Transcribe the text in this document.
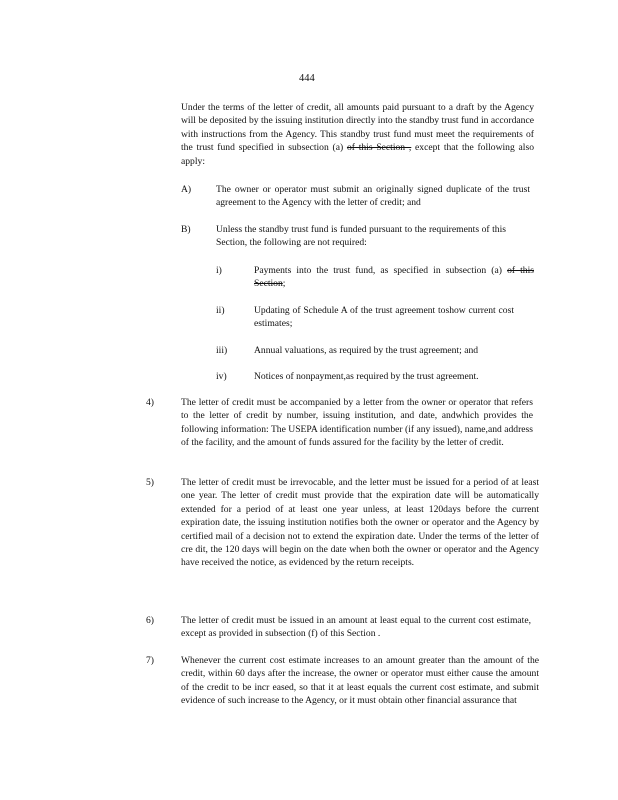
444
Under the terms of the letter of credit, all amounts paid pursuant to a draft by the Agency will be deposited by the issuing institution directly into the standby trust fund in accordance with instructions from the Agency. This standby trust fund must meet the requirements of the trust fund specified in subsection (a) of this Section , except that the following also apply:
A)	The owner or operator must submit an originally signed duplicate of the trust agreement to the Agency with the letter of credit; and
B)	Unless the standby trust fund is funded pursuant to the requirements of this Section, the following are not required:
i)	Payments into the trust fund, as specified in subsection (a) of this Section;
ii)	Updating of Schedule A of the trust agreement toshow current cost estimates;
iii)	Annual valuations, as required by the trust agreement; and
iv)	Notices of nonpayment,as required by the trust agreement.
4)	The letter of credit must be accompanied by a letter from the owner or operator that refers to the letter of credit by number, issuing institution, and date, andwhich provides the following information: The USEPA identification number (if any issued), name,and address of the facility, and the amount of funds assured for the facility by the letter of credit.
5)	The letter of credit must be irrevocable, and the letter must be issued for a period of at least one year. The letter of credit must provide that the expiration date will be automatically extended for a period of at least one year unless, at least 120days before the current expiration date, the issuing institution notifies both the owner or operator and the Agency by certified mail of a decision not to extend the expiration date. Under the terms of the letter of cre dit, the 120 days will begin on the date when both the owner or operator and the Agency have received the notice, as evidenced by the return receipts.
6)	The letter of credit must be issued in an amount at least equal to the current cost estimate, except as provided in subsection (f) of this Section .
7)	Whenever the current cost estimate increases to an amount greater than the amount of the credit, within 60 days after the increase, the owner or operator must either cause the amount of the credit to be incr eased, so that it at least equals the current cost estimate, and submit evidence of such increase to the Agency, or it must obtain other financial assurance that
